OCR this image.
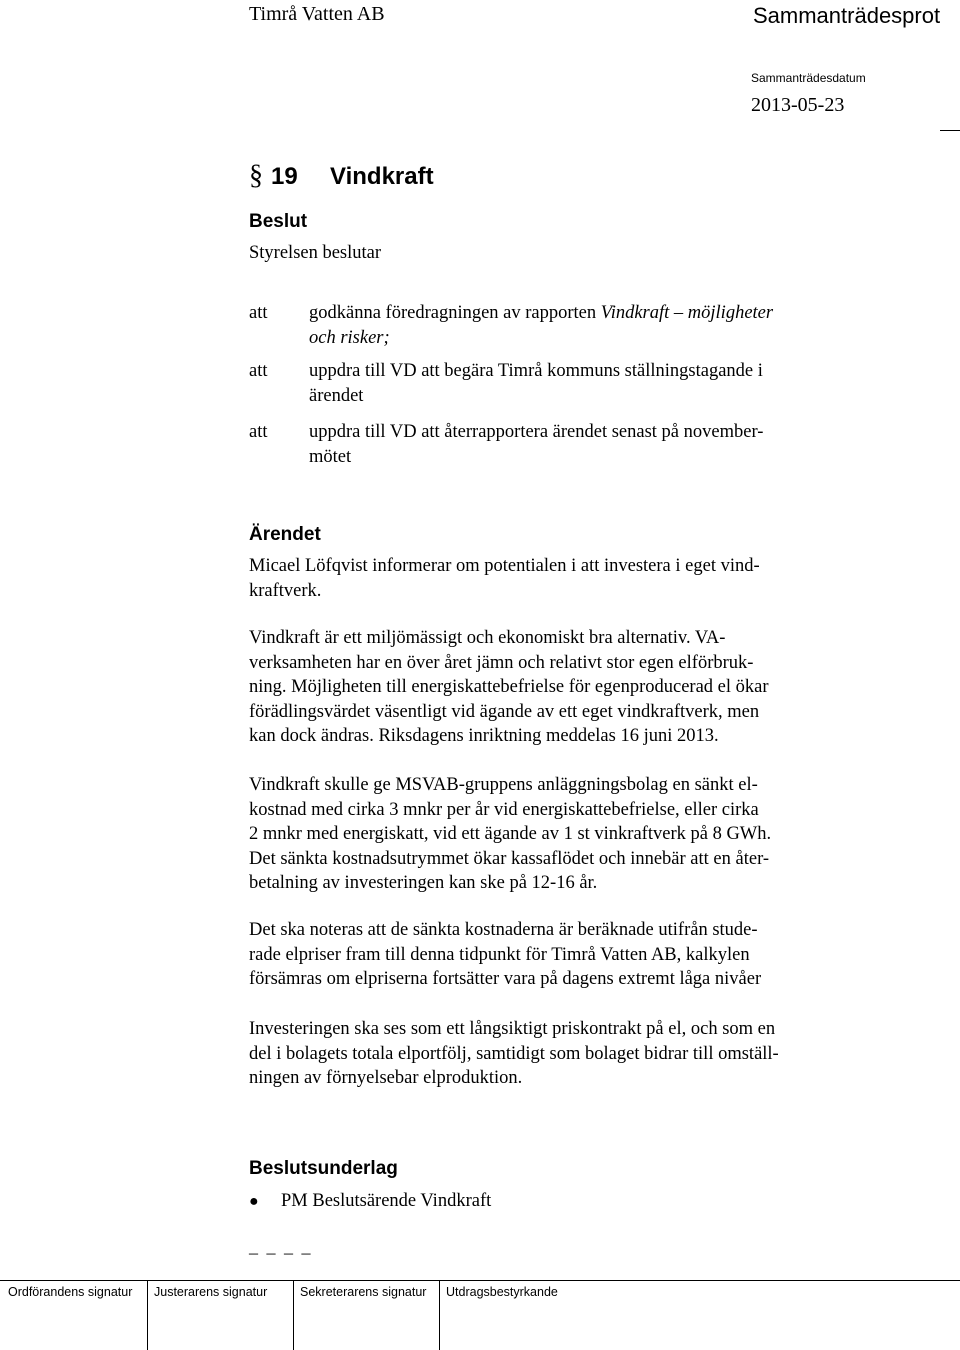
Timrå Vatten AB	Sammanträdesprot
Sammanträdesdatum
2013-05-23
§ 19 Vindkraft
Beslut
Styrelsen beslutar
att godkänna föredragningen av rapporten Vindkraft – möjligheter
och risker;
att uppdra till VD att begära Timrå kommuns ställningstagande i
ärendet
att uppdra till VD att återrapportera ärendet senast på november-
mötet
Ärendet
Micael Löfqvist informerar om potentialen i att investera i eget vind-
kraftverk.
Vindkraft är ett miljömässigt och ekonomiskt bra alternativ. VA-
verksamheten har en över året jämn och relativt stor egen elförbruk-
ning. Möjligheten till energiskattebefrielse för egenproducerad el ökar
förädlingsvärdet väsentligt vid ägande av ett eget vindkraftverk, men
kan dock ändras. Riksdagens inriktning meddelas 16 juni 2013.
Vindkraft skulle ge MSVAB-gruppens anläggningsbolag en sänkt el-
kostnad med cirka 3 mnkr per år vid energiskattebefrielse, eller cirka
2 mnkr med energiskatt, vid ett ägande av 1 st vinkraftverk på 8 GWh.
Det sänkta kostnadsutrymmet ökar kassaflödet och innebär att en åter-
betalning av investeringen kan ske på 12-16 år.
Det ska noteras att de sänkta kostnaderna är beräknade utifrån stude-
rade elpriser fram till denna tidpunkt för Timrå Vatten AB, kalkylen
försämras om elpriserna fortsätter vara på dagens extremt låga nivåer
Investeringen ska ses som ett långsiktigt priskontrakt på el, och som en
del i bolagets totala elportfölj, samtidigt som bolaget bidrar till omställ-
ningen av förnyelsebar elproduktion.
Beslutsunderlag
● PM Beslutsärende Vindkraft
_ _ _ _
Ordförandens signatur Justerarens signatur	Sekreterarens signatur Utdragsbestyrkande
